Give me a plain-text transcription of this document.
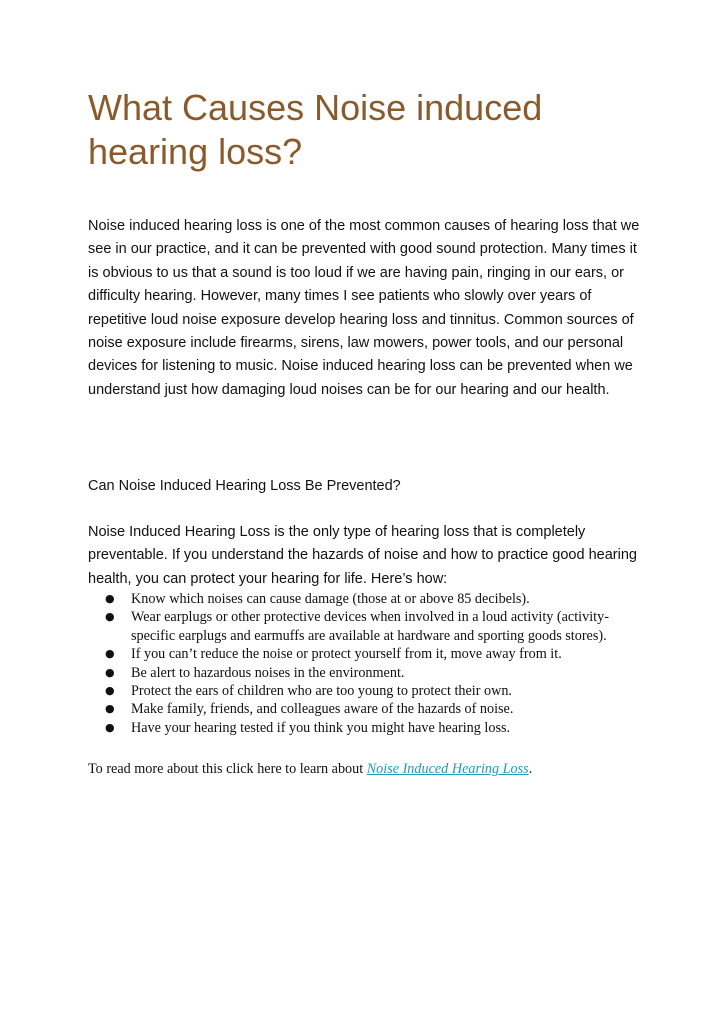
What Causes Noise induced hearing loss?

Noise induced hearing loss is one of the most common causes of hearing loss that we see in our practice, and it can be prevented with good sound protection. Many times it is obvious to us that a sound is too loud if we are having pain, ringing in our ears, or difficulty hearing. However, many times I see patients who slowly over years of repetitive loud noise exposure develop hearing loss and tinnitus. Common sources of noise exposure include firearms, sirens, law mowers, power tools, and our personal devices for listening to music. Noise induced hearing loss can be prevented when we understand just how damaging loud noises can be for our hearing and our health.

Can Noise Induced Hearing Loss Be Prevented?

Noise Induced Hearing Loss is the only type of hearing loss that is completely preventable. If you understand the hazards of noise and how to practice good hearing health, you can protect your hearing for life. Here’s how:

● Know which noises can cause damage (those at or above 85 decibels).
● Wear earplugs or other protective devices when involved in a loud activity (activity-specific earplugs and earmuffs are available at hardware and sporting goods stores).
● If you can’t reduce the noise or protect yourself from it, move away from it.
● Be alert to hazardous noises in the environment.
● Protect the ears of children who are too young to protect their own.
● Make family, friends, and colleagues aware of the hazards of noise.
● Have your hearing tested if you think you might have hearing loss.

To read more about this click here to learn about Noise Induced Hearing Loss.
